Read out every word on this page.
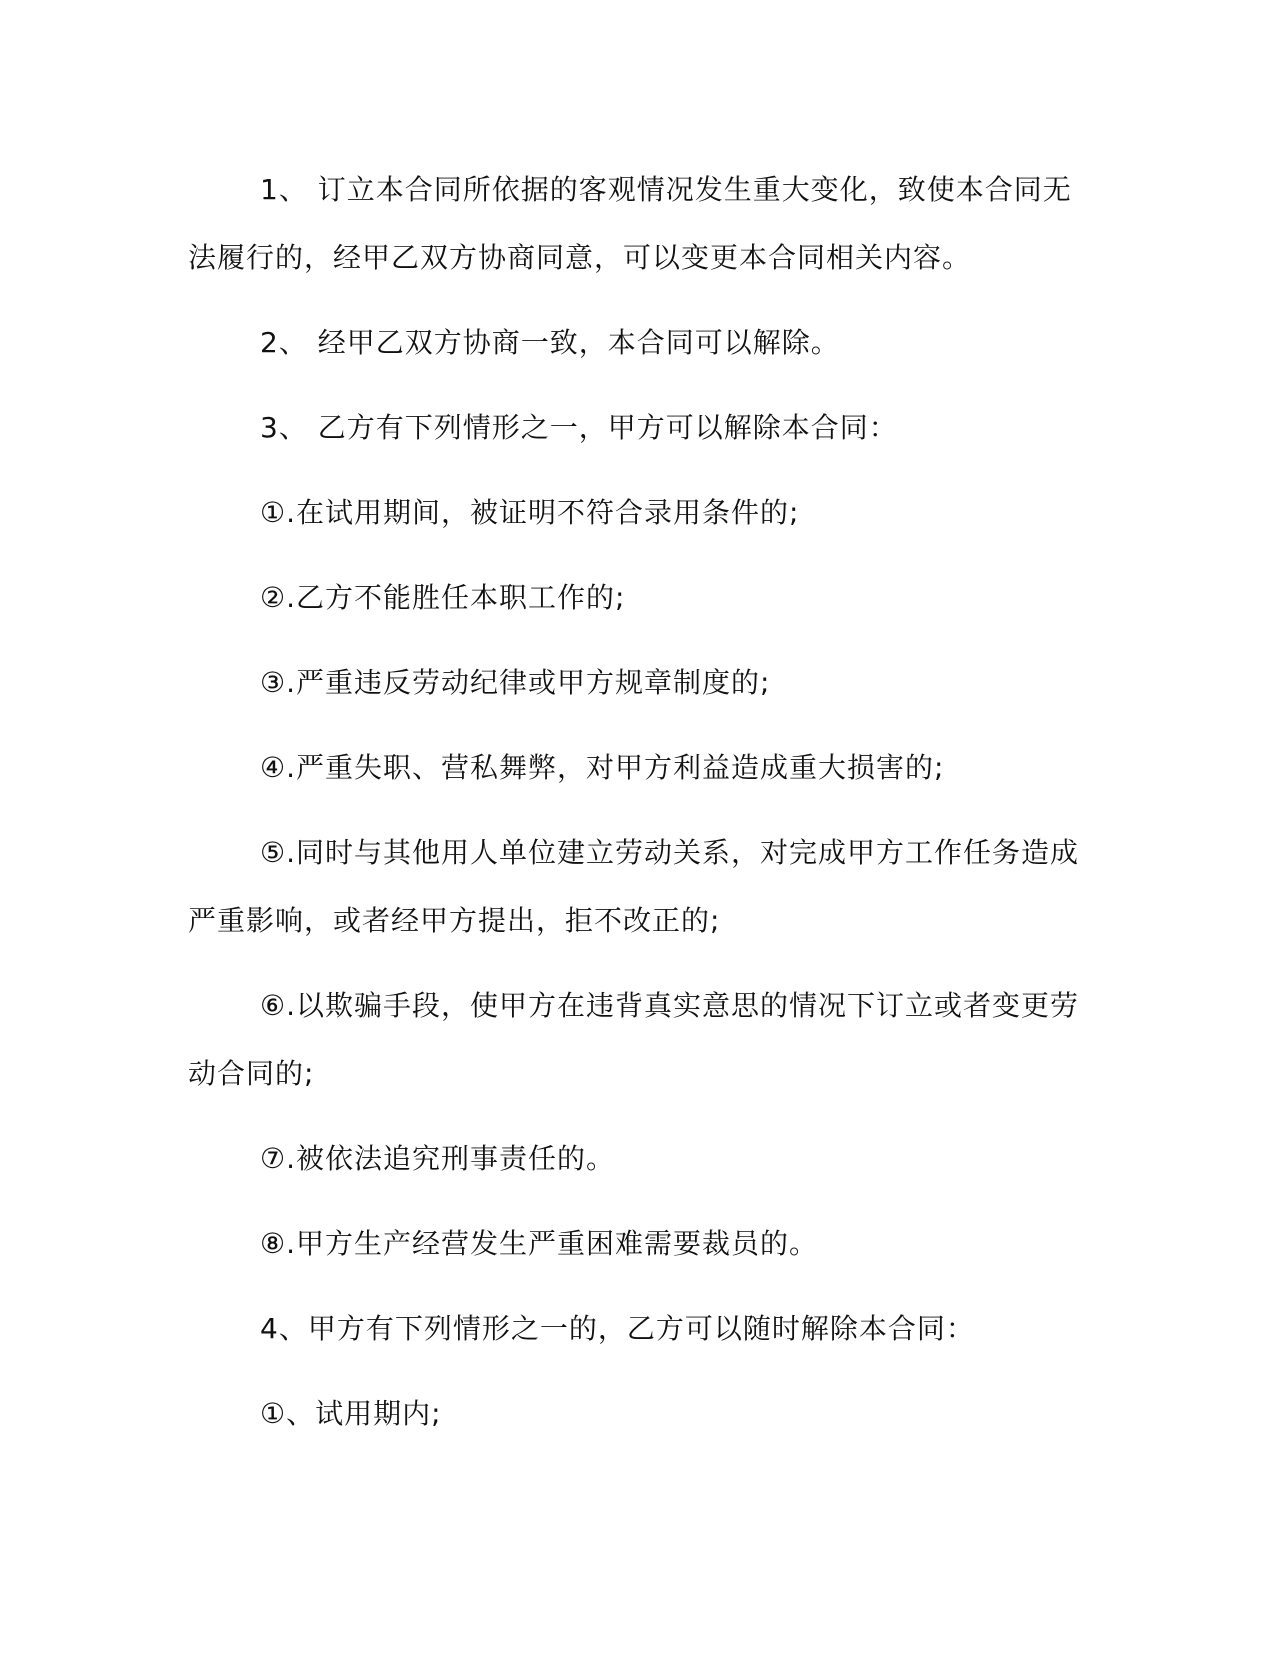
1、 订立本合同所依据的客观情况发生重大变化，致使本合同无法履行的，经甲乙双方协商同意，可以变更本合同相关内容。

2、 经甲乙双方协商一致，本合同可以解除。

3、 乙方有下列情形之一，甲方可以解除本合同：

①.在试用期间，被证明不符合录用条件的;

②.乙方不能胜任本职工作的;

③.严重违反劳动纪律或甲方规章制度的;

④.严重失职、营私舞弊，对甲方利益造成重大损害的;

⑤.同时与其他用人单位建立劳动关系，对完成甲方工作任务造成严重影响，或者经甲方提出，拒不改正的;

⑥.以欺骗手段，使甲方在违背真实意思的情况下订立或者变更劳动合同的;

⑦.被依法追究刑事责任的。

⑧.甲方生产经营发生严重困难需要裁员的。

4、甲方有下列情形之一的，乙方可以随时解除本合同：

①、试用期内;
